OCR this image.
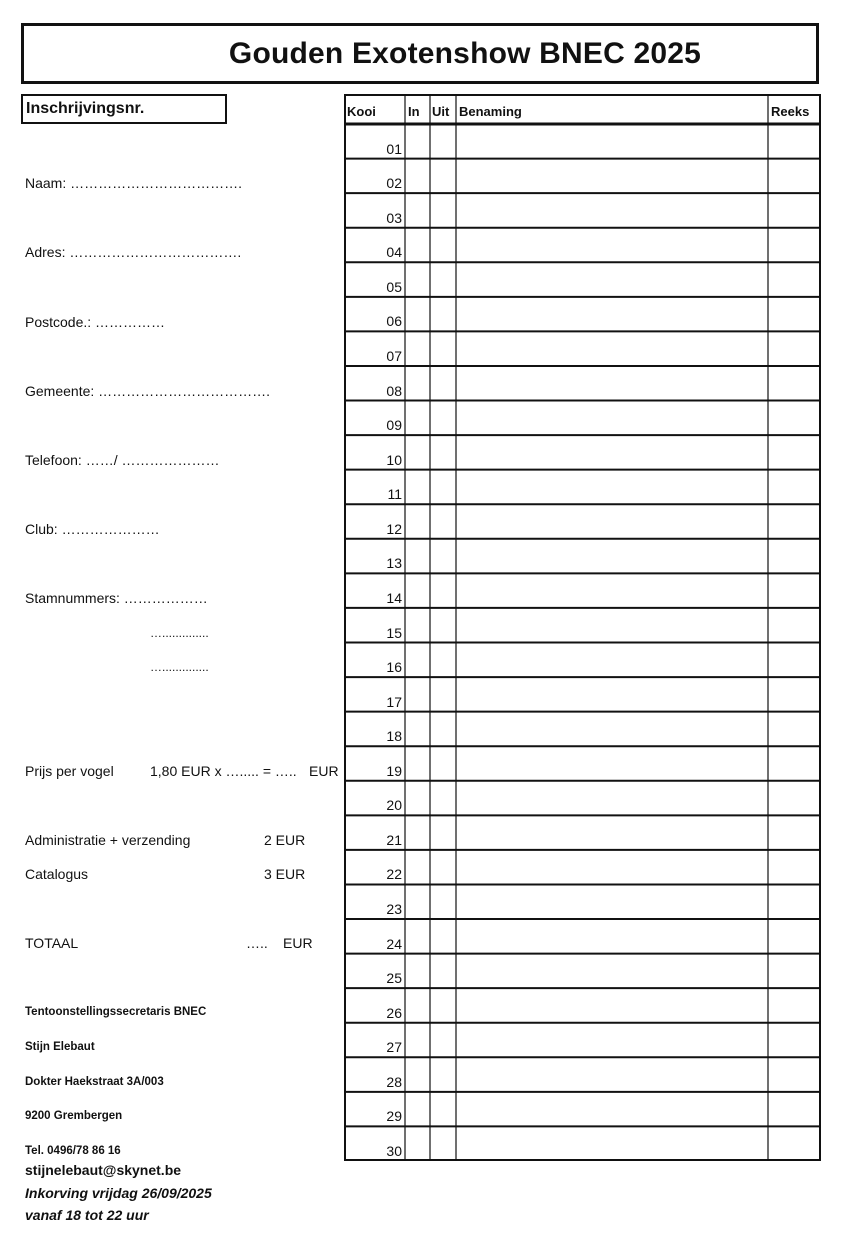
Gouden Exotenshow BNEC 2025
Inschrijvingsnr.
Naam: ……………………………….
Adres: ……………………………….
Postcode.: ……………
Gemeente: ……………………………….
Telefoon: ……/ …………………
Club: …………………
Stamnummers: ………………
…..............
…..............
Prijs per vogel	1,80 EUR x …..... = ….. EUR
Administratie + verzending	2 EUR
Catalogus	3 EUR
TOTAAL	….. EUR
Tentoonstellingssecretaris BNEC
Stijn Elebaut
Dokter Haekstraat 3A/003
9200 Grembergen
Tel. 0496/78 86 16
stijnelebaut@skynet.be
Inkorving vrijdag 26/09/2025
vanaf 18 tot 22 uur
Kooi	In Uit Benaming	Reeks
01
02
03
04
05
06
07
08
09
10
11
12
13
14
15
16
17
18
19
20
21
22
23
24
25
26
27
28
29
30
